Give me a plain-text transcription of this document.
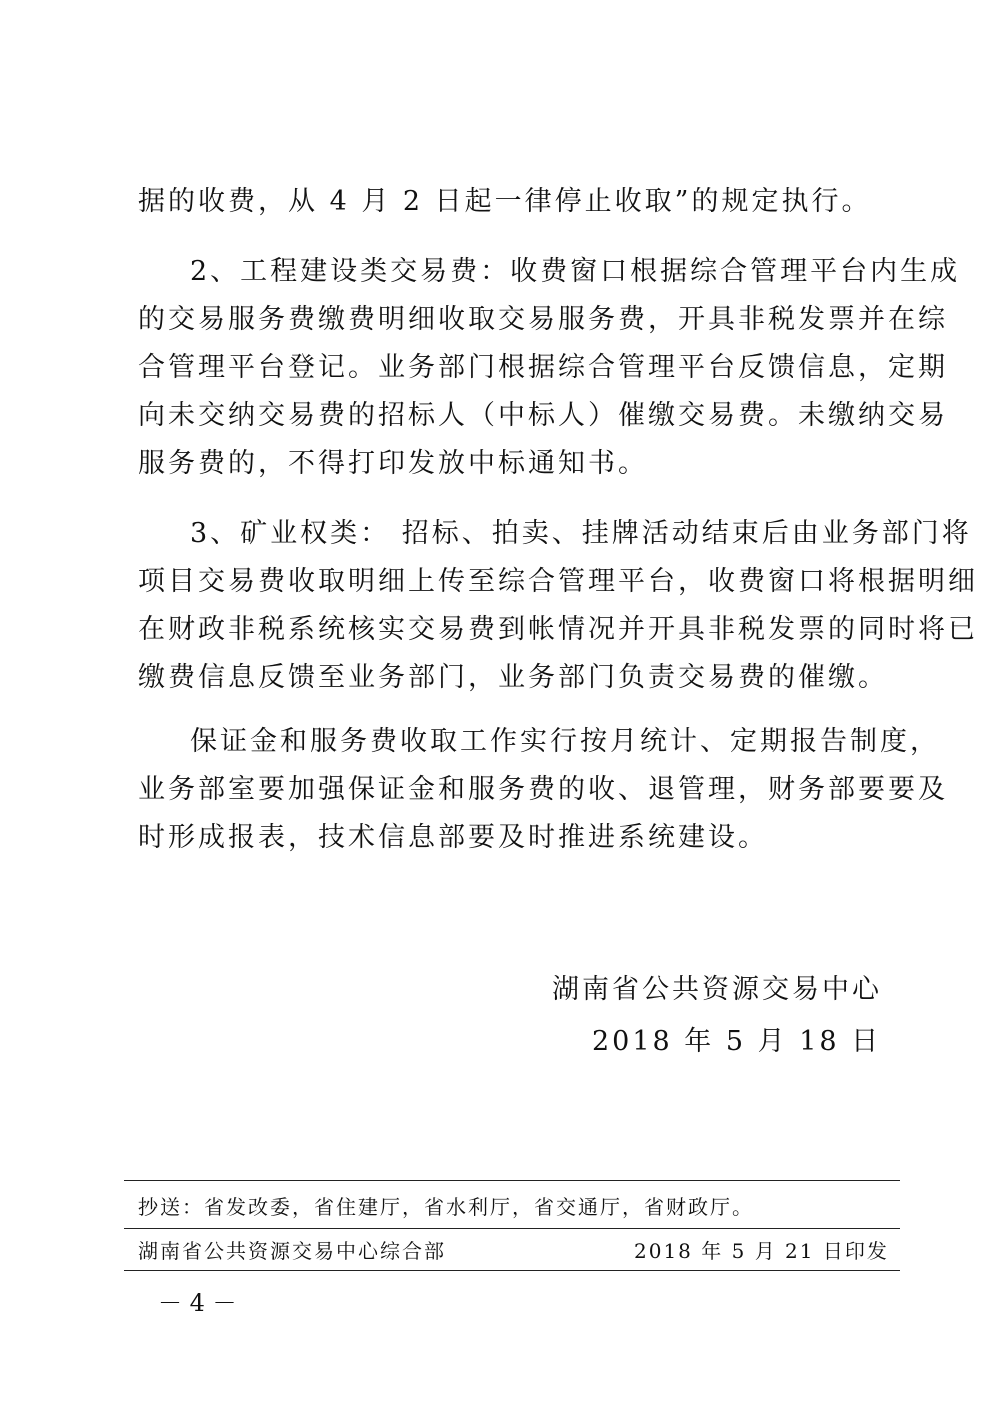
据的收费，从 4 月 2 日起一律停止收取”的规定执行。
2、工程建设类交易费：收费窗口根据综合管理平台内生成
的交易服务费缴费明细收取交易服务费，开具非税发票并在综
合管理平台登记。业务部门根据综合管理平台反馈信息，定期
向未交纳交易费的招标人（中标人）催缴交易费。未缴纳交易
服务费的，不得打印发放中标通知书。
3、矿业权类： 招标、拍卖、挂牌活动结束后由业务部门将
项目交易费收取明细上传至综合管理平台，收费窗口将根据明细
在财政非税系统核实交易费到帐情况并开具非税发票的同时将已
缴费信息反馈至业务部门，业务部门负责交易费的催缴。
保证金和服务费收取工作实行按月统计、定期报告制度，
业务部室要加强保证金和服务费的收、退管理，财务部要要及
时形成报表，技术信息部要及时推进系统建设。
湖南省公共资源交易中心
2018 年 5 月 18 日
抄送：省发改委，省住建厅，省水利厅，省交通厅，省财政厅。
湖南省公共资源交易中心综合部	2018 年 5 月 21 日印发
－ 4 －
